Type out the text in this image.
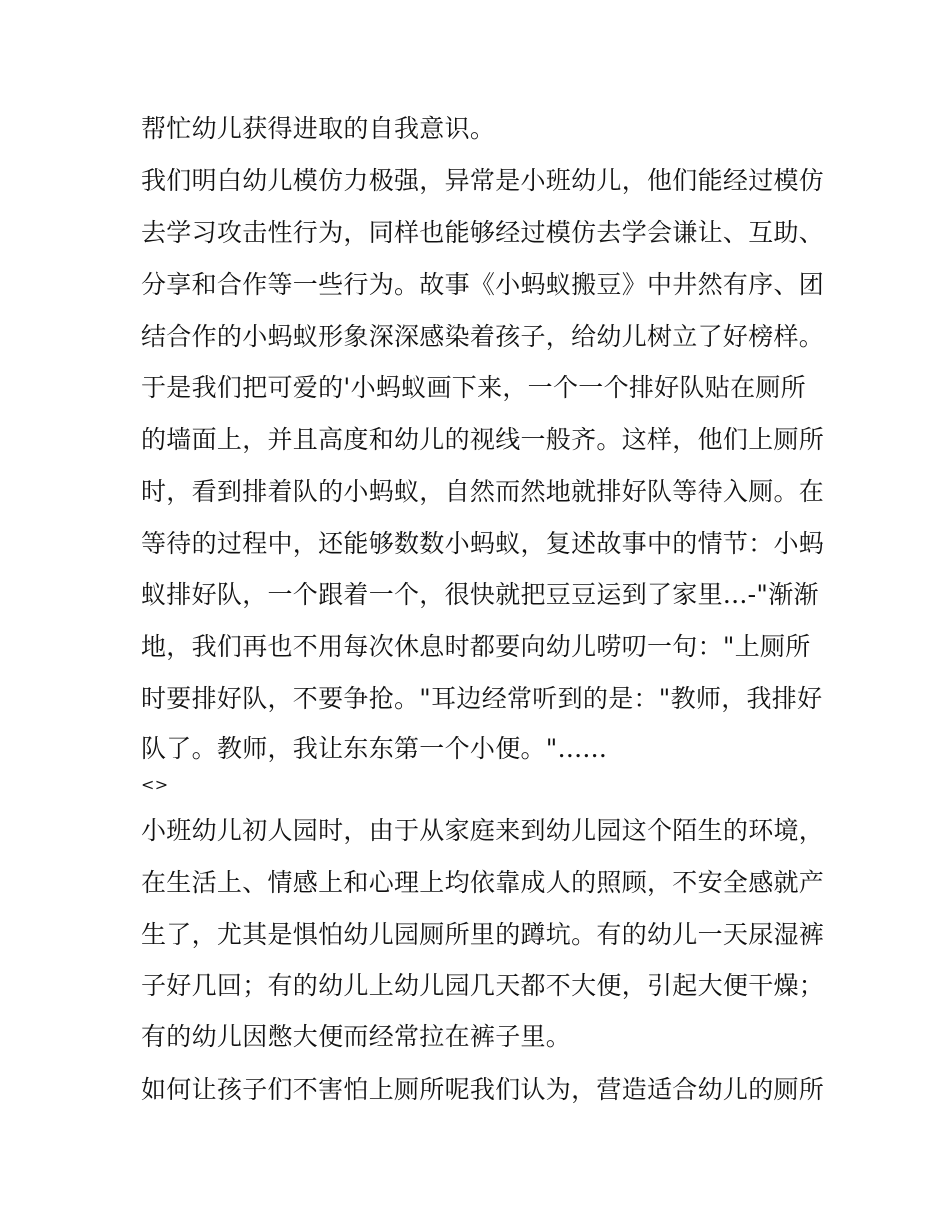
帮忙幼儿获得进取的自我意识。
我们明白幼儿模仿力极强，异常是小班幼儿，他们能经过模仿
去学习攻击性行为，同样也能够经过模仿去学会谦让、互助、
分享和合作等一些行为。故事《小蚂蚁搬豆》中井然有序、团
结合作的小蚂蚁形象深深感染着孩子，给幼儿树立了好榜样。
于是我们把可爱的'小蚂蚁画下来，一个一个排好队贴在厕所
的墙面上，并且高度和幼儿的视线一般齐。这样，他们上厕所
时，看到排着队的小蚂蚁，自然而然地就排好队等待入厕。在
等待的过程中，还能够数数小蚂蚁，复述故事中的情节：小蚂
蚁排好队，一个跟着一个，很快就把豆豆运到了家里...-"渐渐
地，我们再也不用每次休息时都要向幼儿唠叨一句："上厕所
时要排好队，不要争抢。"耳边经常听到的是："教师，我排好
队了。教师，我让东东第一个小便。"......
<>
小班幼儿初人园时，由于从家庭来到幼儿园这个陌生的环境，
在生活上、情感上和心理上均依靠成人的照顾，不安全感就产
生了，尤其是惧怕幼儿园厕所里的蹲坑。有的幼儿一天尿湿裤
子好几回；有的幼儿上幼儿园几天都不大便，引起大便干燥；
有的幼儿因憋大便而经常拉在裤子里。
如何让孩子们不害怕上厕所呢我们认为，营造适合幼儿的厕所
